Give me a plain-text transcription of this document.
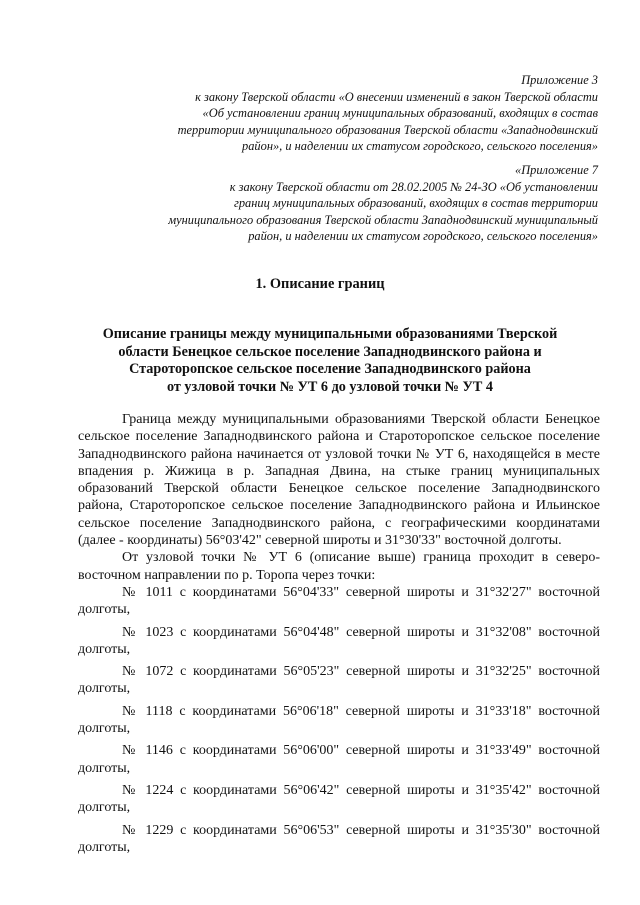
Приложение 3
к закону Тверской области «О внесении изменений в закон Тверской области
«Об установлении границ муниципальных образований, входящих в состав
территории муниципального образования Тверской области «Западнодвинский
район», и наделении их статусом городского, сельского поселения»
«Приложение 7
к закону Тверской области от 28.02.2005 № 24-ЗО «Об установлении
границ муниципальных образований, входящих в состав территории
муниципального образования Тверской области Западнодвинский муниципальный
район, и наделении их статусом городского, сельского поселения»
1. Описание границ
Описание границы между муниципальными образованиями Тверской
области Бенецкое сельское поселение Западнодвинского района и
Староторопское сельское поселение Западнодвинского района
от узловой точки № УТ 6 до узловой точки № УТ 4

Граница между муниципальными образованиями Тверской области Бенецкое сельское поселение Западнодвинского района и Староторопское сельское поселение Западнодвинского района начинается от узловой точки № УТ 6, находящейся в месте впадения р. Жижица в р. Западная Двина, на стыке границ муниципальных образований Тверской области Бенецкое сельское поселение Западнодвинского района, Староторопское сельское поселение Западнодвинского района и Ильинское сельское поселение Западнодвинского района, с географическими координатами (далее - координаты) 56°03'42" северной широты и 31°30'33" восточной долготы.

От узловой точки № УТ 6 (описание выше) граница проходит в северо-восточном направлении по р. Торопа через точки:

№ 1011 с координатами 56°04'33" северной широты и 31°32'27" восточной долготы,

№ 1023 с координатами 56°04'48" северной широты и 31°32'08" восточной долготы,

№ 1072 с координатами 56°05'23" северной широты и 31°32'25" восточной долготы,

№ 1118 с координатами 56°06'18" северной широты и 31°33'18" восточной долготы,

№ 1146 с координатами 56°06'00" северной широты и 31°33'49" восточной долготы,

№ 1224 с координатами 56°06'42" северной широты и 31°35'42" восточной долготы,

№ 1229 с координатами 56°06'53" северной широты и 31°35'30" восточной долготы,
